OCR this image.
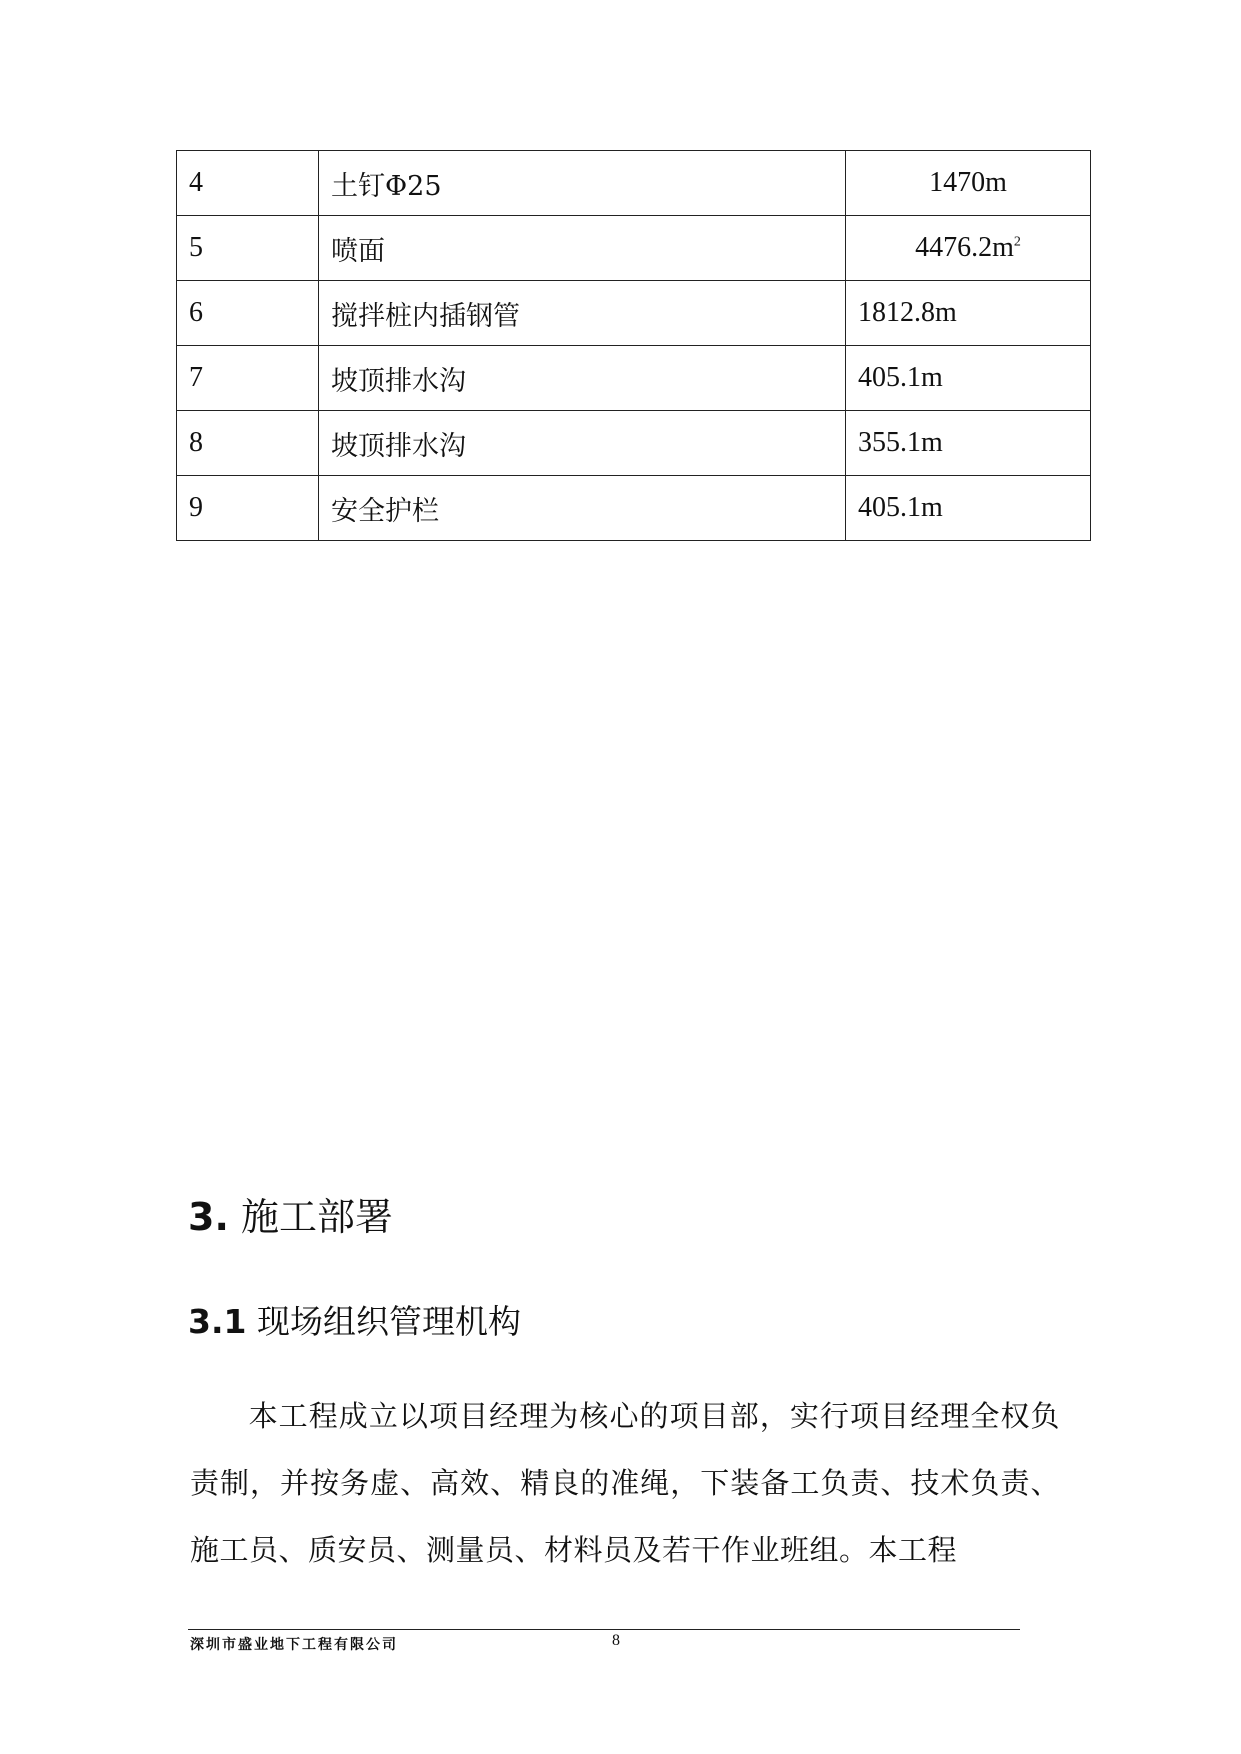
4	土钉Φ25	1470m
5	喷面	$4476.2m^2$
6	搅拌桩内插钢管	1812.8m
7	坡顶排水沟	405.1m
8	坡顶排水沟	355.1m
9	安全护栏	405.1m
3. 施工部署
3.1 现场组织管理机构

本工程成立以项目经理为核心的项目部，实行项目经理全权负责制，并按务虚、高效、精良的准绳，下装备工负责、技术负责、施工员、质安员、测量员、材料员及若干作业班组。本工程

深圳市盛业地下工程有限公司	8
